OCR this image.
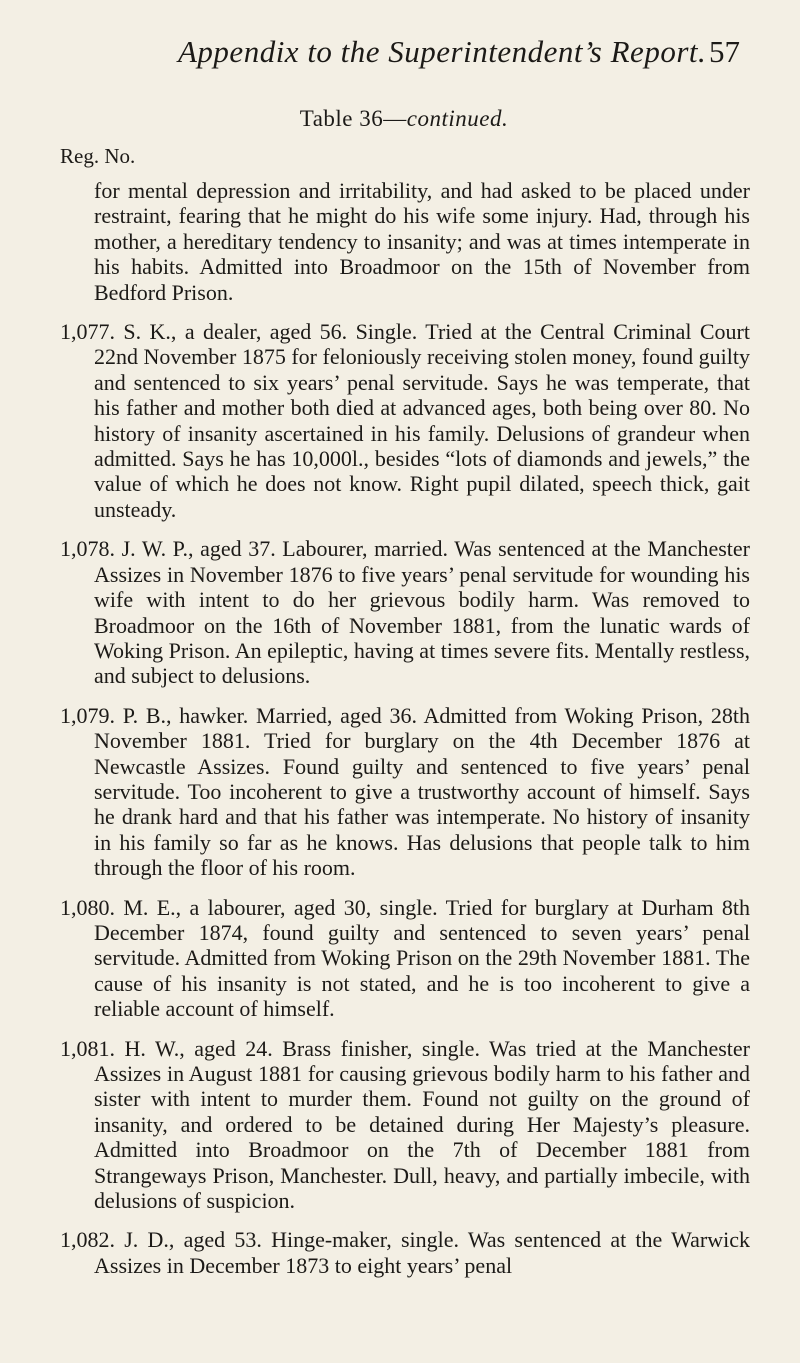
Appendix to the Superintendent’s Report. 57
Table 36—continued.
Reg. No.

for mental depression and irritability, and had asked to be placed under restraint, fearing that he might do his wife some injury. Had, through his mother, a hereditary tendency to insanity; and was at times intemperate in his habits. Admitted into Broadmoor on the 15th of November from Bedford Prison.

1,077. S. K., a dealer, aged 56. Single. Tried at the Central Criminal Court 22nd November 1875 for feloniously receiving stolen money, found guilty and sentenced to six years’ penal servitude. Says he was temperate, that his father and mother both died at advanced ages, both being over 80. No history of insanity ascertained in his family. Delusions of grandeur when admitted. Says he has 10,000l., besides “lots of diamonds and jewels,” the value of which he does not know. Right pupil dilated, speech thick, gait unsteady.

1,078. J. W. P., aged 37. Labourer, married. Was sentenced at the Manchester Assizes in November 1876 to five years’ penal servitude for wounding his wife with intent to do her grievous bodily harm. Was removed to Broadmoor on the 16th of November 1881, from the lunatic wards of Woking Prison. An epileptic, having at times severe fits. Mentally restless, and subject to delusions.

1,079. P. B., hawker. Married, aged 36. Admitted from Woking Prison, 28th November 1881. Tried for burglary on the 4th December 1876 at Newcastle Assizes. Found guilty and sentenced to five years’ penal servitude. Too incoherent to give a trustworthy account of himself. Says he drank hard and that his father was intemperate. No history of insanity in his family so far as he knows. Has delusions that people talk to him through the floor of his room.

1,080. M. E., a labourer, aged 30, single. Tried for burglary at Durham 8th December 1874, found guilty and sentenced to seven years’ penal servitude. Admitted from Woking Prison on the 29th November 1881. The cause of his insanity is not stated, and he is too incoherent to give a reliable account of himself.

1,081. H. W., aged 24. Brass finisher, single. Was tried at the Manchester Assizes in August 1881 for causing grievous bodily harm to his father and sister with intent to murder them. Found not guilty on the ground of insanity, and ordered to be detained during Her Majesty’s pleasure. Admitted into Broadmoor on the 7th of December 1881 from Strangeways Prison, Manchester. Dull, heavy, and partially imbecile, with delusions of suspicion.

1,082. J. D., aged 53. Hinge-maker, single. Was sentenced at the Warwick Assizes in December 1873 to eight years’ penal
